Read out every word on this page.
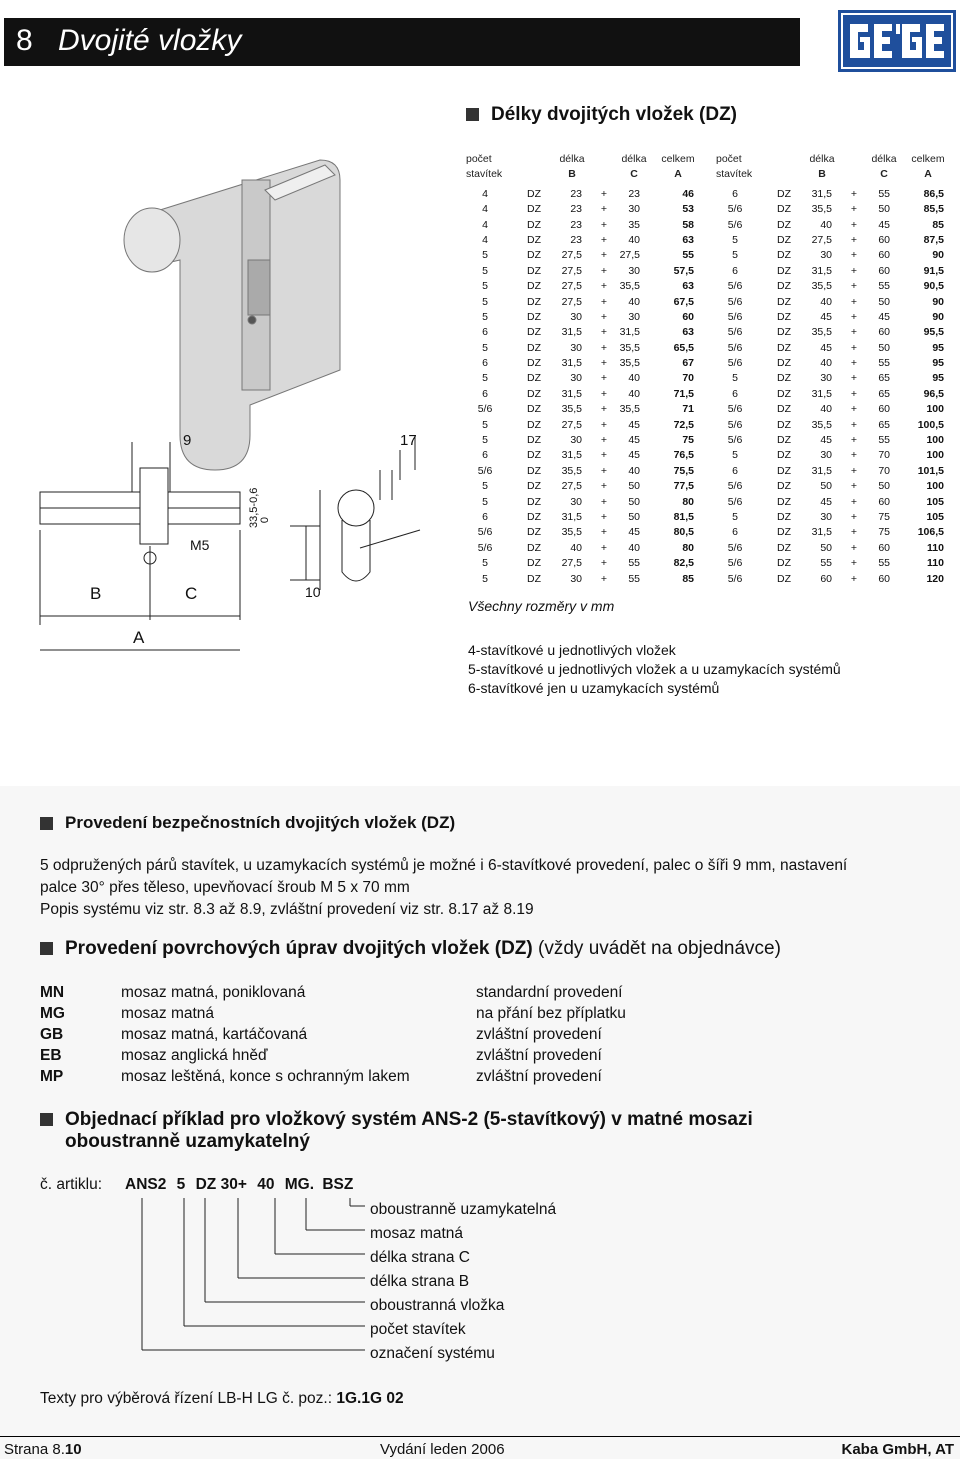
8 Dvojité vložky
Délky dvojitých vložek (DZ)
B	C
A
9	17
M5
10
0
33,5-0,6
počet	délka	délka	celkem
stavítek	B	C	A
4	DZ	23	+	23	46
4	DZ	23	+	30	53
4	DZ	23	+	35	58
4	DZ	23	+	40	63
5	DZ	27,5	+	27,5	55
5	DZ	27,5	+	30	57,5
5	DZ	27,5	+	35,5	63
5	DZ	27,5	+	40	67,5
5	DZ	30	+	30	60
6	DZ	31,5	+	31,5	63
5	DZ	30	+	35,5	65,5
6	DZ	31,5	+	35,5	67
5	DZ	30	+	40	70
6	DZ	31,5	+	40	71,5
5/6	DZ	35,5	+	35,5	71
5	DZ	27,5	+	45	72,5
5	DZ	30	+	45	75
6	DZ	31,5	+	45	76,5
5/6	DZ	35,5	+	40	75,5
5	DZ	27,5	+	50	77,5
5	DZ	30	+	50	80
6	DZ	31,5	+	50	81,5
5/6	DZ	35,5	+	45	80,5
5/6	DZ	40	+	40	80
5	DZ	27,5	+	55	82,5
5	DZ	30	+	55	85
počet	délka	délka	celkem
stavítek	B	C	A
6	DZ	31,5	+	55	86,5
5/6	DZ	35,5	+	50	85,5
5/6	DZ	40	+	45	85
5	DZ	27,5	+	60	87,5
5	DZ	30	+	60	90
6	DZ	31,5	+	60	91,5
5/6	DZ	35,5	+	55	90,5
5/6	DZ	40	+	50	90
5/6	DZ	45	+	45	90
5/6	DZ	35,5	+	60	95,5
5/6	DZ	45	+	50	95
5/6	DZ	40	+	55	95
5	DZ	30	+	65	95
6	DZ	31,5	+	65	96,5
5/6	DZ	40	+	60	100
5/6	DZ	35,5	+	65	100,5
5/6	DZ	45	+	55	100
5	DZ	30	+	70	100
6	DZ	31,5	+	70	101,5
5/6	DZ	50	+	50	100
5/6	DZ	45	+	60	105
5	DZ	30	+	75	105
6	DZ	31,5	+	75	106,5
5/6	DZ	50	+	60	110
5/6	DZ	55	+	55	110
5/6	DZ	60	+	60	120
Všechny rozměry v mm
4-stavítkové u jednotlivých vložek
5-stavítkové u jednotlivých vložek a u uzamykacích systémů
6-stavítkové jen u uzamykacích systémů
Provedení bezpečnostních dvojitých vložek (DZ)
5 odpružených párů stavítek, u uzamykacích systémů je možné i 6-stavítkové provedení, palec o šíři 9 mm, nastavení
palce 30° přes těleso, upevňovací šroub M 5 x 70 mm
Popis systému viz str. 8.3 až 8.9, zvláštní provedení viz str. 8.17 až 8.19
Provedení povrchových úprav dvojitých vložek (DZ) (vždy uvádět na objednávce)
MN	mosaz matná, poniklovaná	standardní provedení
MG	mosaz matná	na přání bez příplatku
GB	mosaz matná, kartáčovaná	zvláštní provedení
EB	mosaz anglická hněď	zvláštní provedení
MP	mosaz leštěná, konce s ochranným lakem	zvláštní provedení
Objednací příklad pro vložkový systém ANS-2 (5-stavítkový) v matné mosazi
oboustranně uzamykatelný
č. artiklu: ANS2 5 DZ 30+ 40 MG. BSZ
oboustranně uzamykatelná
mosaz matná
délka strana C
délka strana B
oboustranná vložka
počet stavítek
označení systému
Texty pro výběrová řízení LB-H LG č. poz.: 1G.1G 02
Strana 8.10	Vydání leden 2006	Kaba GmbH, AT
